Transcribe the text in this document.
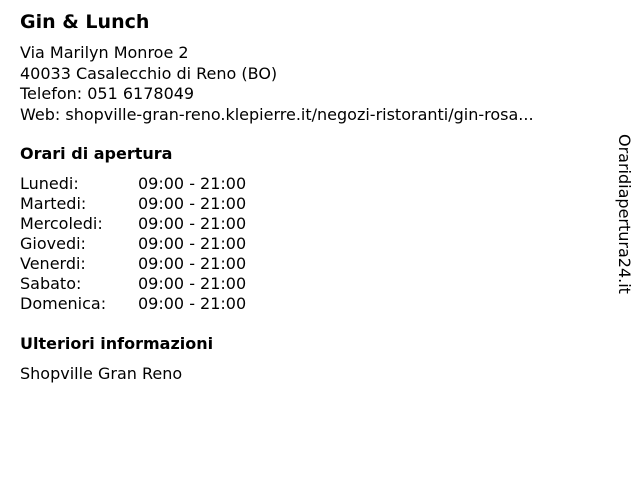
Gin & Lunch
Via Marilyn Monroe 2
40033 Casalecchio di Reno (BO)
Telefon: 051 6178049
Web: shopville-gran-reno.klepierre.it/negozi-ristoranti/gin-rosa...
Orari di apertura
Lunedi:	09:00 - 21:00
Martedi:	09:00 - 21:00
Mercoledi: 09:00 - 21:00
Giovedi:	09:00 - 21:00
Venerdi:	09:00 - 21:00
Sabato:	09:00 - 21:00
Domenica: 09:00 - 21:00
Ulteriori informazioni
Shopville Gran Reno
Oraridiapertura24.it
